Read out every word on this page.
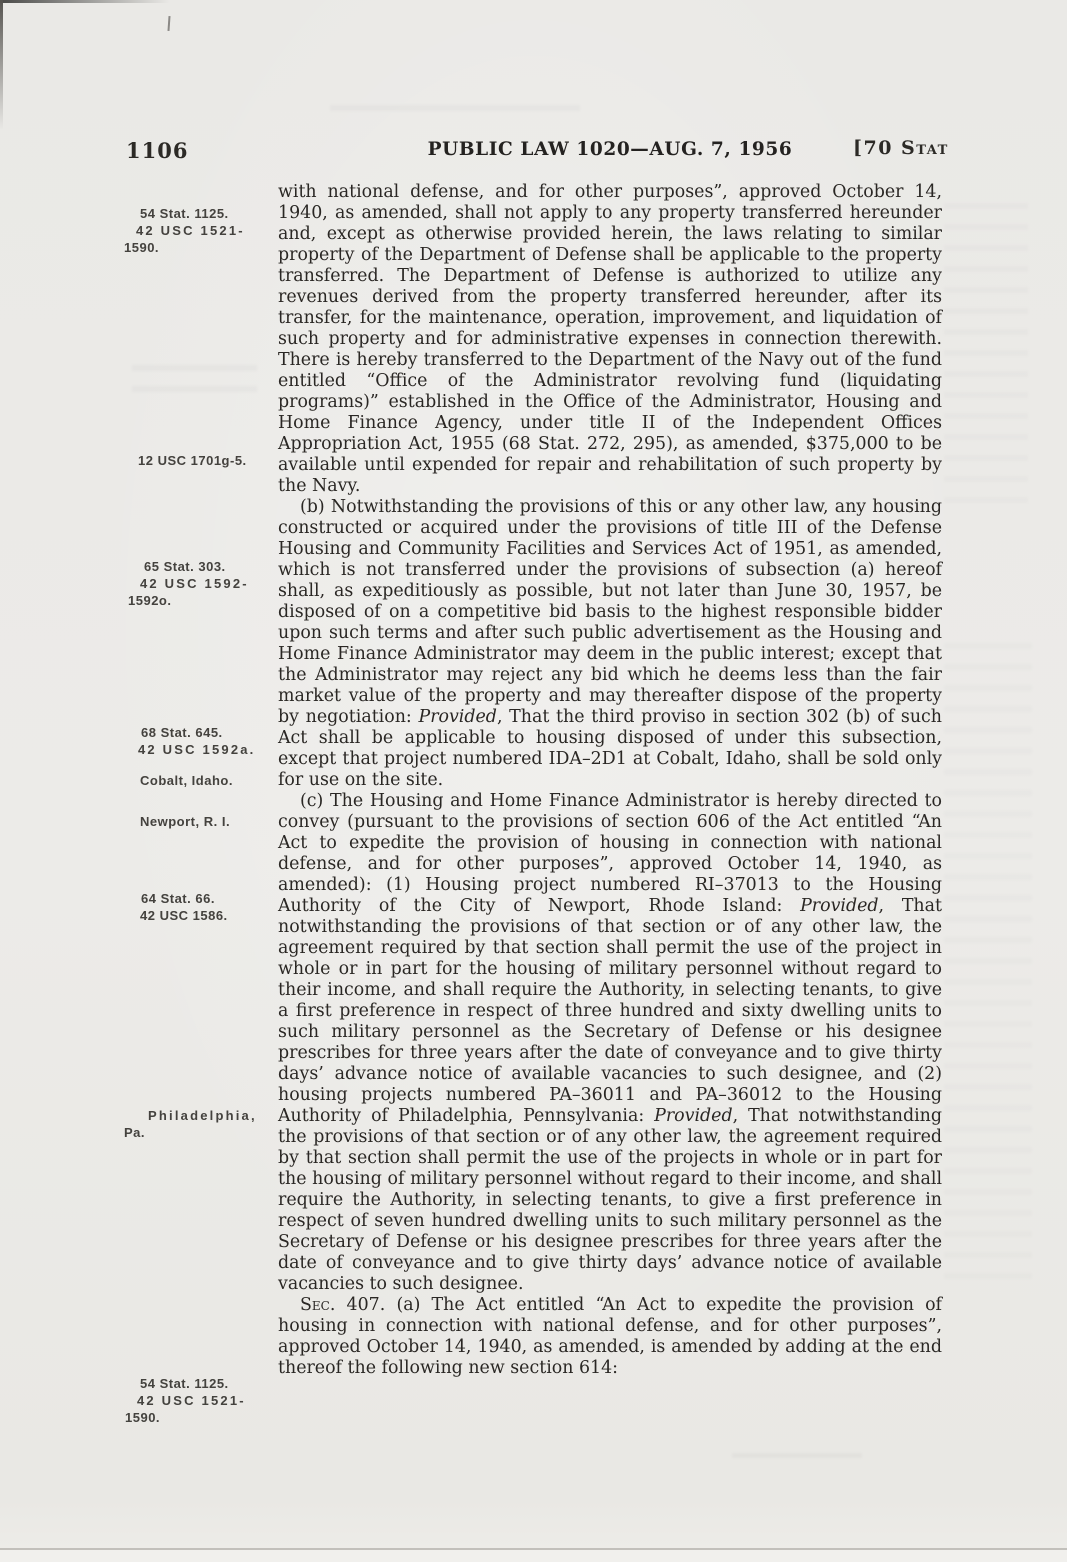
1106	PUBLIC LAW 1020—AUG. 7, 1956	[70 Stat
54 Stat. 1125.
42 USC 1521-
1590.
12 USC 1701g-5.
65 Stat. 303.
42 USC 1592-
1592o.
68 Stat. 645.
42 USC 1592a.
Cobalt, Idaho.
Newport, R. I.
64 Stat. 66.
42 USC 1586.
Philadelphia,
Pa.
54 Stat. 1125.
42 USC 1521-
1590.
with national defense, and for other purposes”, approved October 14, 1940, as amended, shall not apply to any property transferred hereunder and, except as otherwise provided herein, the laws relating to similar property of the Department of Defense shall be applicable to the property transferred. The Department of Defense is authorized to utilize any revenues derived from the property transferred hereunder, after its transfer, for the maintenance, operation, improvement, and liquidation of such property and for administrative expenses in connection therewith. There is hereby transferred to the Department of the Navy out of the fund entitled “Office of the Administrator revolving fund (liquidating programs)” established in the Office of the Administrator, Housing and Home Finance Agency, under title II of the Independent Offices Appropriation Act, 1955 (68 Stat. 272, 295), as amended, $375,000 to be available until expended for repair and rehabilitation of such property by the Navy.
(b) Notwithstanding the provisions of this or any other law, any housing constructed or acquired under the provisions of title III of the Defense Housing and Community Facilities and Services Act of 1951, as amended, which is not transferred under the provisions of subsection (a) hereof shall, as expeditiously as possible, but not later than June 30, 1957, be disposed of on a competitive bid basis to the highest responsible bidder upon such terms and after such public advertisement as the Housing and Home Finance Administrator may deem in the public interest; except that the Administrator may reject any bid which he deems less than the fair market value of the property and may thereafter dispose of the property by negotiation: Provided, That the third proviso in section 302 (b) of such Act shall be applicable to housing disposed of under this subsection, except that project numbered IDA–2D1 at Cobalt, Idaho, shall be sold only for use on the site.
(c) The Housing and Home Finance Administrator is hereby directed to convey (pursuant to the provisions of section 606 of the Act entitled “An Act to expedite the provision of housing in connection with national defense, and for other purposes”, approved October 14, 1940, as amended): (1) Housing project numbered RI–37013 to the Housing Authority of the City of Newport, Rhode Island: Provided, That notwithstanding the provisions of that section or of any other law, the agreement required by that section shall permit the use of the project in whole or in part for the housing of military personnel without regard to their income, and shall require the Authority, in selecting tenants, to give a first preference in respect of three hundred and sixty dwelling units to such military personnel as the Secretary of Defense or his designee prescribes for three years after the date of conveyance and to give thirty days’ advance notice of available vacancies to such designee, and (2) housing projects numbered PA–36011 and PA–36012 to the Housing Authority of Philadelphia, Pennsylvania: Provided, That notwithstanding the provisions of that section or of any other law, the agreement required by that section shall permit the use of the projects in whole or in part for the housing of military personnel without regard to their income, and shall require the Authority, in selecting tenants, to give a first preference in respect of seven hundred dwelling units to such military personnel as the Secretary of Defense or his designee prescribes for three years after the date of conveyance and to give thirty days’ advance notice of available vacancies to such designee.
Sec. 407. (a) The Act entitled “An Act to expedite the provision of housing in connection with national defense, and for other purposes”, approved October 14, 1940, as amended, is amended by adding at the end thereof the following new section 614:
